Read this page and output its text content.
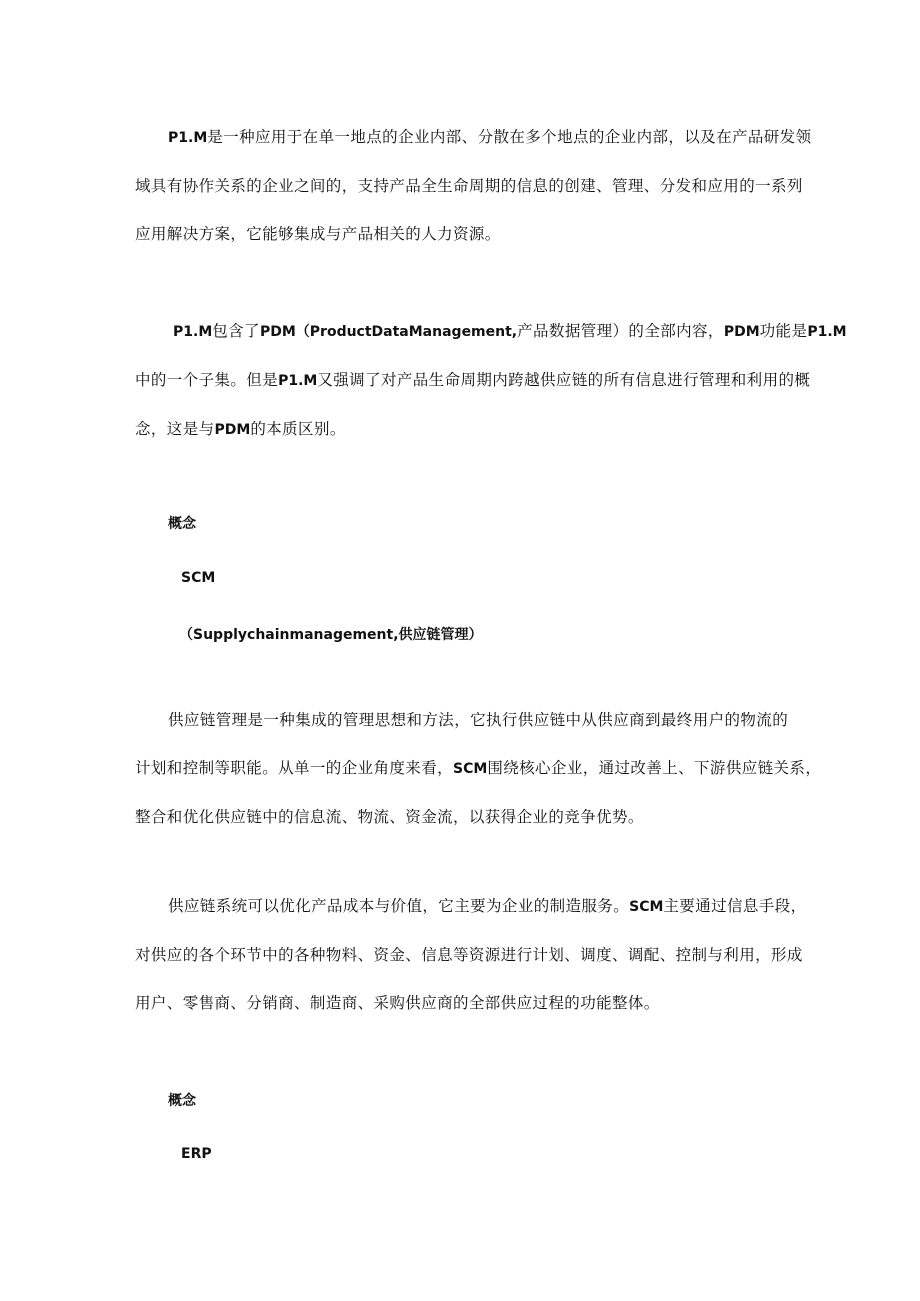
P1.M是一种应用于在单一地点的企业内部、分散在多个地点的企业内部，以及在产品研发领
域具有协作关系的企业之间的，支持产品全生命周期的信息的创建、管理、分发和应用的一系列
应用解决方案，它能够集成与产品相关的人力资源。

P1.M包含了PDM（ProductDataManagement,产品数据管理）的全部内容，PDM功能是P1.M
中的一个子集。但是P1.M又强调了对产品生命周期内跨越供应链的所有信息进行管理和利用的概
念，这是与PDM的本质区别。

概念
SCM
（Supplychainmanagement,供应链管理）

供应链管理是一种集成的管理思想和方法，它执行供应链中从供应商到最终用户的物流的
计划和控制等职能。从单一的企业角度来看，SCM围绕核心企业，通过改善上、下游供应链关系，
整合和优化供应链中的信息流、物流、资金流，以获得企业的竞争优势。

供应链系统可以优化产品成本与价值，它主要为企业的制造服务。SCM主要通过信息手段，
对供应的各个环节中的各种物料、资金、信息等资源进行计划、调度、调配、控制与利用，形成
用户、零售商、分销商、制造商、采购供应商的全部供应过程的功能整体。

概念
ERP
